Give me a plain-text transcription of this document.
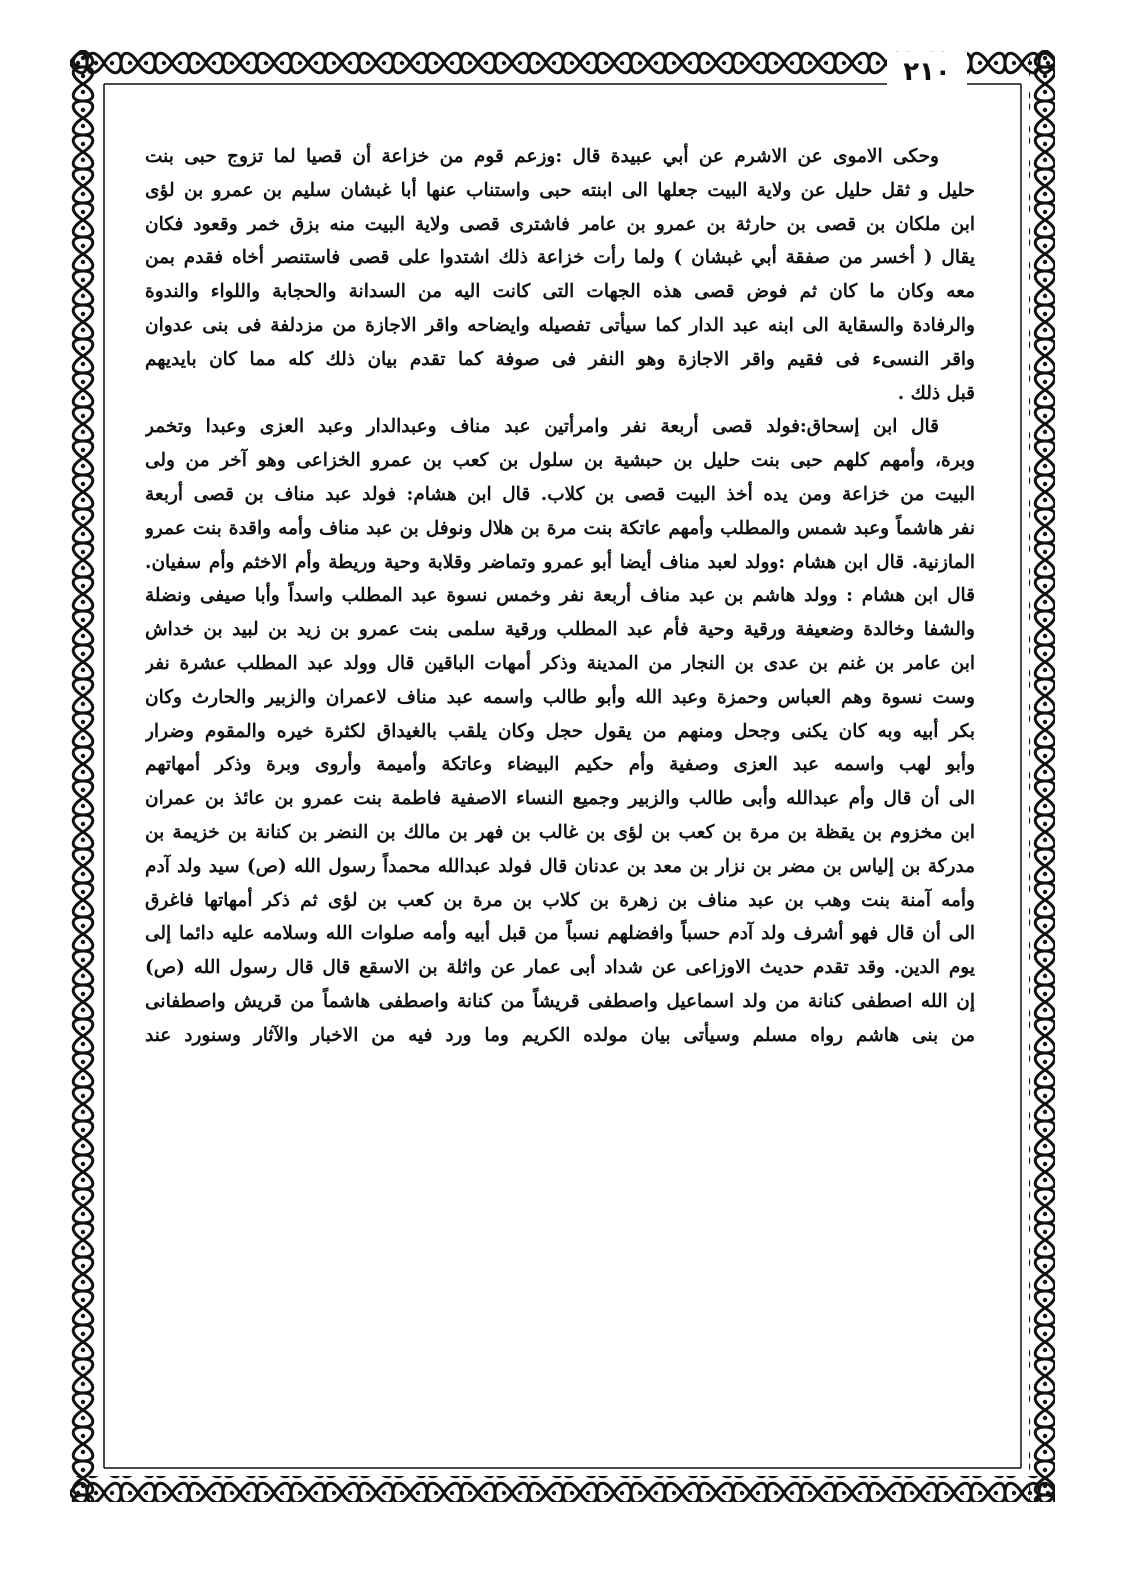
٢١٠
وحكى الاموى عن الاشرم عن أبي عبيدة قال :وزعم قوم من خزاعة أن قصيا لما تزوج حبى بنت
حليل و ثقل حليل عن ولاية البيت جعلها الى ابنته حبى واستناب عنها أبا غبشان سليم بن عمرو بن لؤى
ابن ملكان بن قصى بن حارثة بن عمرو بن عامر فاشترى قصى ولاية البيت منه بزق خمر وقعود فكان
يقال ( أخسر من صفقة أبي غبشان ) ولما رأت خزاعة ذلك اشتدوا على قصى فاستنصر أخاه فقدم بمن
معه وكان ما كان ثم فوض قصى هذه الجهات التى كانت اليه من السدانة والحجابة واللواء والندوة
والرفادة والسقاية الى ابنه عبد الدار كما سيأتى تفصيله وايضاحه واقر الاجازة من مزدلفة فى بنى عدوان
واقر النسىء فى فقيم واقر الاجازة وهو النفر فى صوفة كما تقدم بيان ذلك كله مما كان بايديهم
قبل ذلك .
قال ابن إسحاق:فولد قصى أربعة نفر وامرأتين عبد مناف وعبدالدار وعبد العزى وعبدا وتخمر
وبرة، وأمهم كلهم حبى بنت حليل بن حبشية بن سلول بن كعب بن عمرو الخزاعى وهو آخر من ولى
البيت من خزاعة ومن يده أخذ البيت قصى بن كلاب. قال ابن هشام: فولد عبد مناف بن قصى أربعة
نفر هاشماً وعبد شمس والمطلب وأمهم عاتكة بنت مرة بن هلال ونوفل بن عبد مناف وأمه واقدة بنت عمرو
المازنية. قال ابن هشام :وولد لعبد مناف أيضا أبو عمرو وتماضر وقلابة وحية وريطة وأم الاخثم وأم سفيان.
قال ابن هشام : وولد هاشم بن عبد مناف أربعة نفر وخمس نسوة عبد المطلب واسداً وأبا صيفى ونضلة
والشفا وخالدة وضعيفة ورقية وحية فأم عبد المطلب ورقية سلمى بنت عمرو بن زيد بن لبيد بن خداش
ابن عامر بن غنم بن عدى بن النجار من المدينة وذكر أمهات الباقين قال وولد عبد المطلب عشرة نفر
وست نسوة وهم العباس وحمزة وعبد الله وأبو طالب واسمه عبد مناف لاعمران والزبير والحارث وكان
بكر أبيه وبه كان يكنى وجحل ومنهم من يقول حجل وكان يلقب بالغيداق لكثرة خيره والمقوم وضرار
وأبو لهب واسمه عبد العزى وصفية وأم حكيم البيضاء وعاتكة وأميمة وأروى وبرة وذكر أمهاتهم
الى أن قال وأم عبدالله وأبى طالب والزبير وجميع النساء الاصفية فاطمة بنت عمرو بن عائذ بن عمران
ابن مخزوم بن يقظة بن مرة بن كعب بن لؤى بن غالب بن فهر بن مالك بن النضر بن كنانة بن خزيمة بن
مدركة بن إلياس بن مضر بن نزار بن معد بن عدنان قال فولد عبدالله محمداً رسول الله (ص) سيد ولد آدم
وأمه آمنة بنت وهب بن عبد مناف بن زهرة بن كلاب بن مرة بن كعب بن لؤى ثم ذكر أمهاتها فاغرق
الى أن قال فهو أشرف ولد آدم حسباً وافضلهم نسباً من قبل أبيه وأمه صلوات الله وسلامه عليه دائما إلى
يوم الدين. وقد تقدم حديث الاوزاعى عن شداد أبى عمار عن واثلة بن الاسقع قال قال رسول الله (ص)
إن الله اصطفى كنانة من ولد اسماعيل واصطفى قريشاً من كنانة واصطفى هاشماً من قريش واصطفانى
من بنى هاشم رواه مسلم وسيأتى بيان مولده الكريم وما ورد فيه من الاخبار والآثار وسنورد عند
